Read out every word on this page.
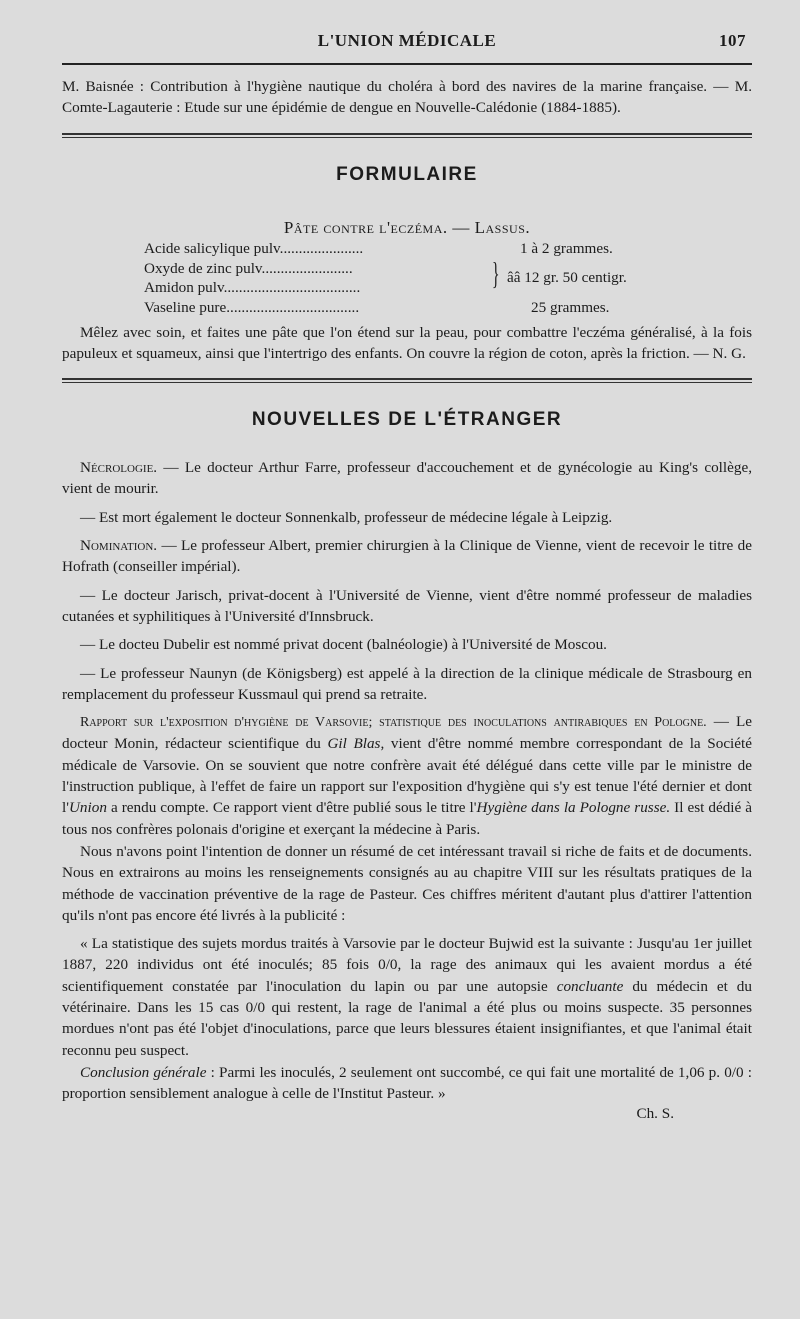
L'UNION MÉDICALE	107

M. Baisnée : Contribution à l'hygiène nautique du choléra à bord des navires de la marine française. — M. Comte-Lagauterie : Etude sur une épidémie de dengue en Nouvelle-Calédonie (1884-1885).

FORMULAIRE
Pâte contre l'eczéma. — Lassus.
Acide salicylique pulv......................	1 à 2 grammes.
Oxyde de zinc pulv........................
Amidon pulv....................................	} ââ 12 gr. 50 centigr.
Vaseline pure...................................	25 grammes.

Mêlez avec soin, et faites une pâte que l'on étend sur la peau, pour combattre l'eczéma généralisé, à la fois papuleux et squameux, ainsi que l'intertrigo des enfants. On couvre la région de coton, après la friction. — N. G.

NOUVELLES DE L'ÉTRANGER

Nécrologie. — Le docteur Arthur Farre, professeur d'accouchement et de gynécologie au King's collège, vient de mourir.

— Est mort également le docteur Sonnenkalb, professeur de médecine légale à Leipzig.

Nomination. — Le professeur Albert, premier chirurgien à la Clinique de Vienne, vient de recevoir le titre de Hofrath (conseiller impérial).

— Le docteur Jarisch, privat-docent à l'Université de Vienne, vient d'être nommé professeur de maladies cutanées et syphilitiques à l'Université d'Innsbruck.

— Le docteu Dubelir est nommé privat docent (balnéologie) à l'Université de Moscou.

— Le professeur Naunyn (de Königsberg) est appelé à la direction de la clinique médicale de Strasbourg en remplacement du professeur Kussmaul qui prend sa retraite.

Rapport sur l'exposition d'hygiène de Varsovie; statistique des inoculations antirabiques en Pologne. — Le docteur Monin, rédacteur scientifique du Gil Blas, vient d'être nommé membre correspondant de la Société médicale de Varsovie. On se souvient que notre confrère avait été délégué dans cette ville par le ministre de l'instruction publique, à l'effet de faire un rapport sur l'exposition d'hygiène qui s'y est tenue l'été dernier et dont l'Union a rendu compte. Ce rapport vient d'être publié sous le titre l'Hygiène dans la Pologne russe. Il est dédié à tous nos confrères polonais d'origine et exerçant la médecine à Paris.

Nous n'avons point l'intention de donner un résumé de cet intéressant travail si riche de faits et de documents. Nous en extrairons au moins les renseignements consignés au au chapitre VIII sur les résultats pratiques de la méthode de vaccination préventive de la rage de Pasteur. Ces chiffres méritent d'autant plus d'attirer l'attention qu'ils n'ont pas encore été livrés à la publicité :

« La statistique des sujets mordus traités à Varsovie par le docteur Bujwid est la suivante : Jusqu'au 1er juillet 1887, 220 individus ont été inoculés; 85 fois 0/0, la rage des animaux qui les avaient mordus a été scientifiquement constatée par l'inoculation du lapin ou par une autopsie concluante du médecin et du vétérinaire. Dans les 15 cas 0/0 qui restent, la rage de l'animal a été plus ou moins suspecte. 35 personnes mordues n'ont pas été l'objet d'inoculations, parce que leurs blessures étaient insignifiantes, et que l'animal était reconnu peu suspect.

Conclusion générale : Parmi les inoculés, 2 seulement ont succombé, ce qui fait une mortalité de 1,06 p. 0/0 : proportion sensiblement analogue à celle de l'Institut Pasteur. »

Ch. S.
